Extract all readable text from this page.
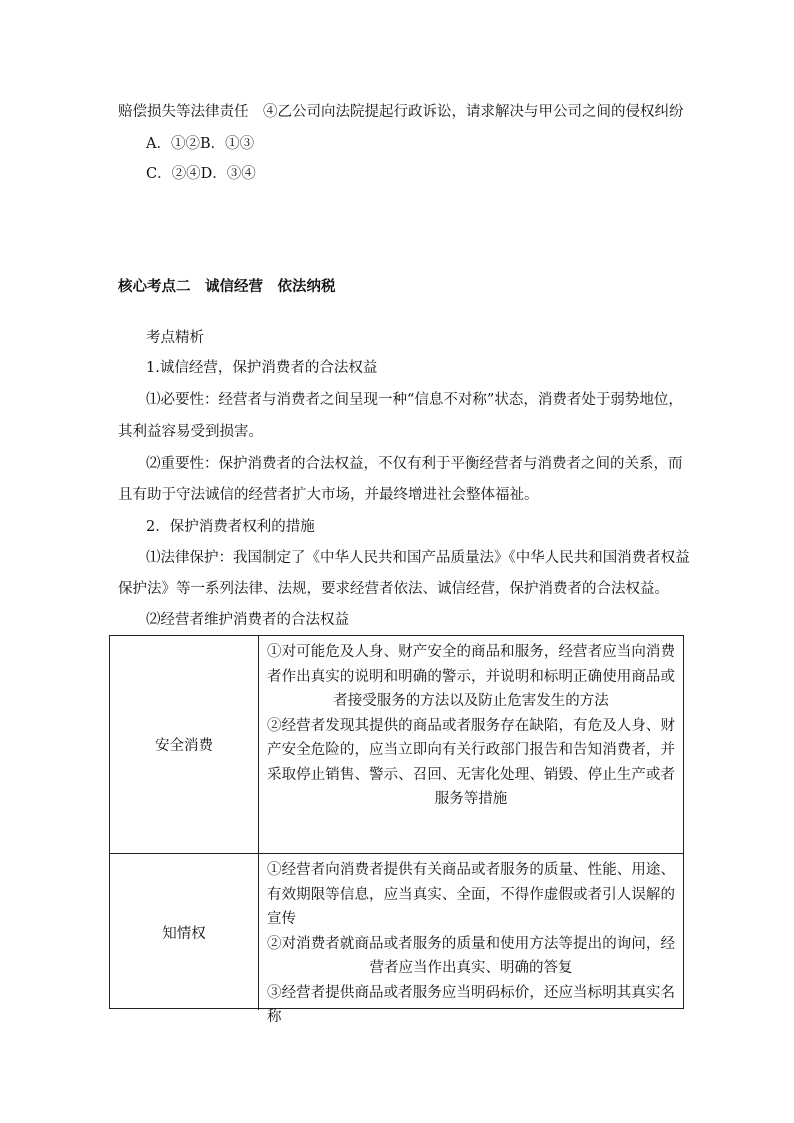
赔偿损失等法律责任　④乙公司向法院提起行政诉讼，请求解决与甲公司之间的侵权纠纷
A．①②B．①③
C．②④D．③④
核心考点二　诚信经营　依法纳税
考点精析
1.诚信经营，保护消费者的合法权益
⑴必要性：经营者与消费者之间呈现一种“信息不对称”状态，消费者处于弱势地位，
其利益容易受到损害。
⑵重要性：保护消费者的合法权益，不仅有利于平衡经营者与消费者之间的关系，而
且有助于守法诚信的经营者扩大市场，并最终增进社会整体福祉。
2．保护消费者权利的措施
⑴法律保护：我国制定了《中华人民共和国产品质量法》《中华人民共和国消费者权益
保护法》等一系列法律、法规，要求经营者依法、诚信经营，保护消费者的合法权益。
⑵经营者维护消费者的合法权益
安全消费
①对可能危及人身、财产安全的商品和服务，经营者应当向消费者作出真实的说明和明确的警示，并说明和标明正确使用商品或者接受服务的方法以及防止危害发生的方法
②经营者发现其提供的商品或者服务存在缺陷，有危及人身、财产安全危险的，应当立即向有关行政部门报告和告知消费者，并采取停止销售、警示、召回、无害化处理、销毁、停止生产或者服务等措施
知情权
①经营者向消费者提供有关商品或者服务的质量、性能、用途、有效期限等信息，应当真实、全面，不得作虚假或者引人误解的宣传
②对消费者就商品或者服务的质量和使用方法等提出的询问，经营者应当作出真实、明确的答复
③经营者提供商品或者服务应当明码标价，还应当标明其真实名称
